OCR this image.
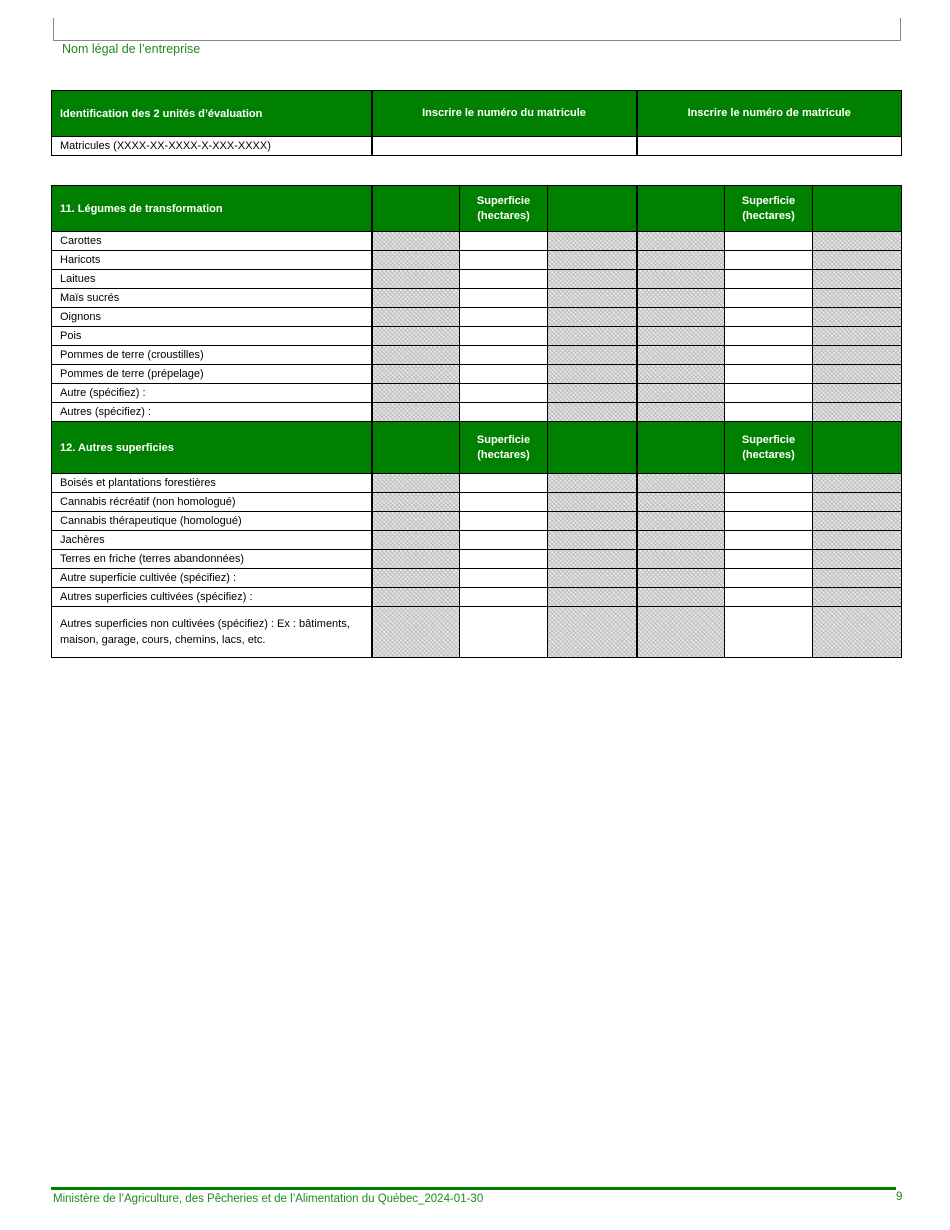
Nom légal de l’entreprise
Identification des 2 unités d’évaluation	Inscrire le numéro du matricule	Inscrire le numéro de matricule
Matricules (XXXX-XX-XXXX-X-XXX-XXXX)		
11. Légumes de transformation		Superficie (hectares)			Superficie (hectares)	
Carottes						
Haricots						
Laitues						
Maïs sucrés						
Oignons						
Pois						
Pommes de terre (croustilles)						
Pommes de terre (prépelage)						
Autre (spécifiez) :						
Autres (spécifiez) :						
12. Autres superficies		Superficie (hectares)			Superficie (hectares)	
Boisés et plantations forestières						
Cannabis récréatif (non homologué)						
Cannabis thérapeutique (homologué)						
Jachères						
Terres en friche (terres abandonnées)						
Autre superficie cultivée (spécifiez) :						
Autres superficies cultivées (spécifiez) :						
Autres superficies non cultivées (spécifiez) : Ex : bâtiments, maison, garage, cours, chemins, lacs, etc.						
Ministère de l’Agriculture, des Pêcheries et de l’Alimentation du Québec_2024-01-30	9
